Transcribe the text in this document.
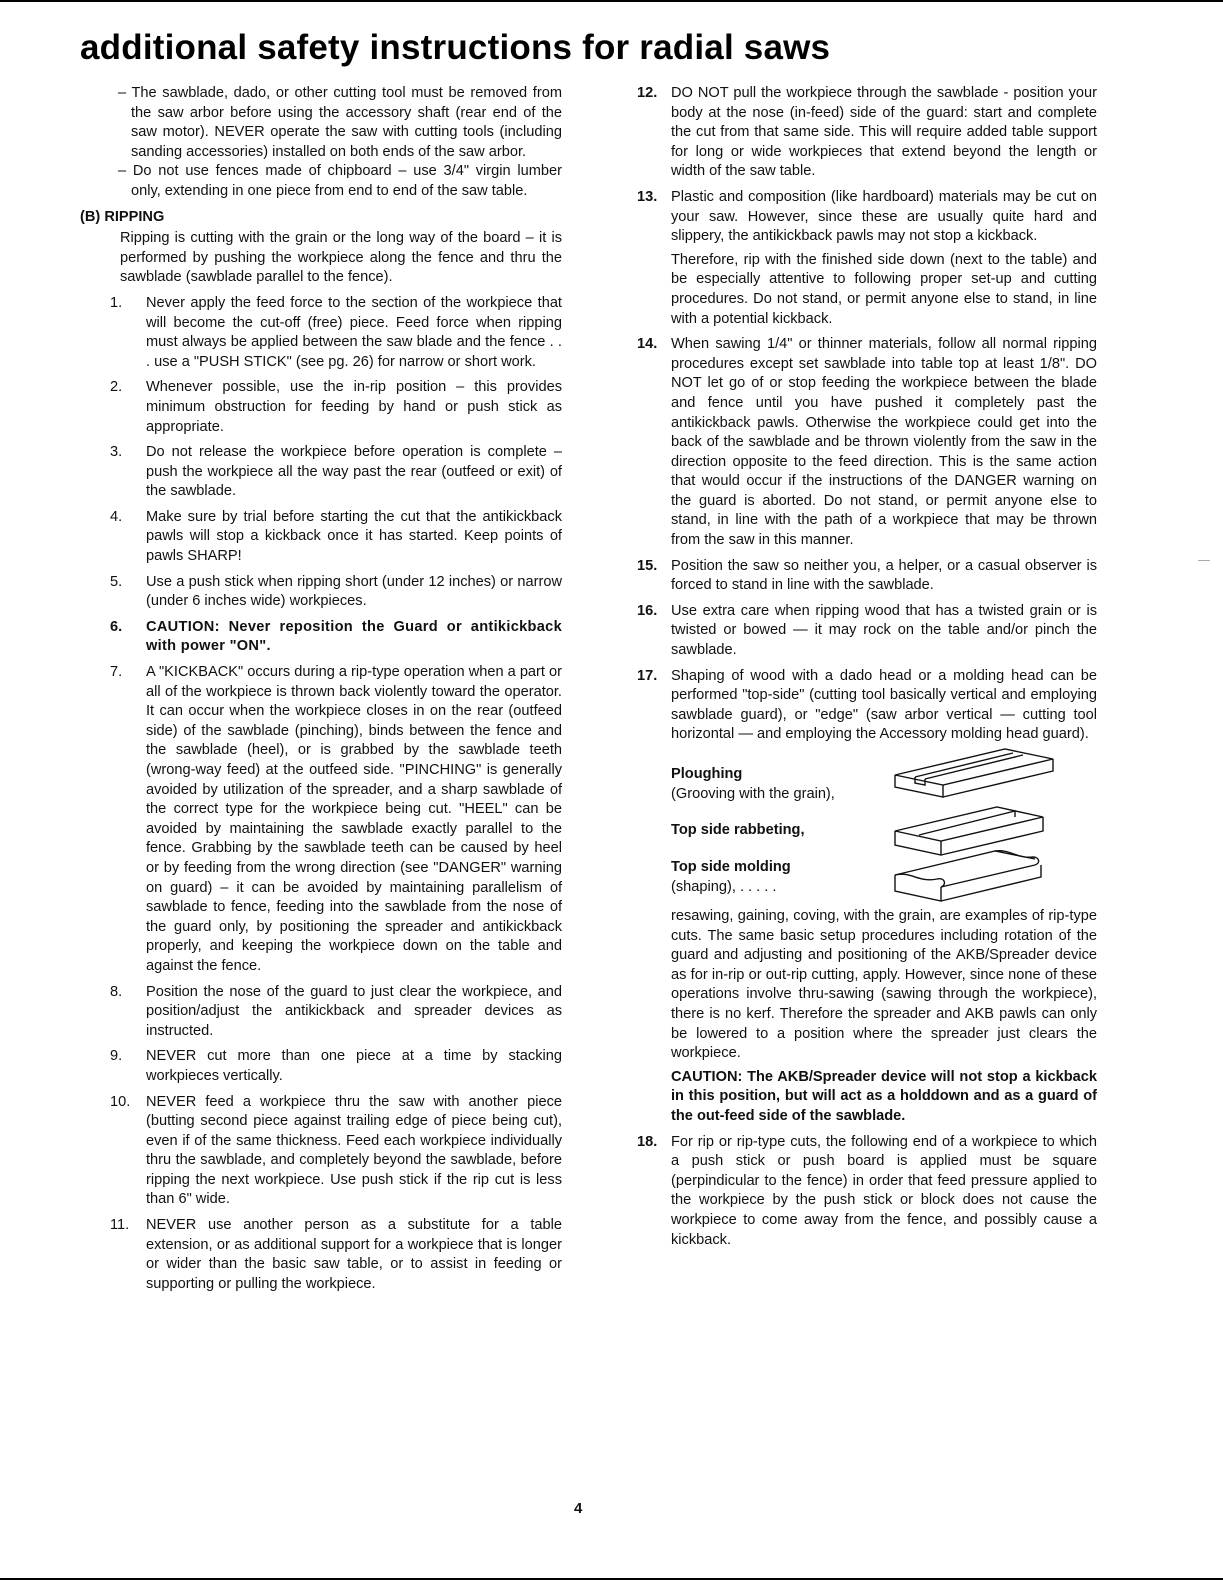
additional safety instructions for radial saws

– The sawblade, dado, or other cutting tool must be removed from the saw arbor before using the accessory shaft (rear end of the saw motor). NEVER operate the saw with cutting tools (including sanding accessories) installed on both ends of the saw arbor.

– Do not use fences made of chipboard – use 3/4" virgin lumber only, extending in one piece from end to end of the saw table.

(B) RIPPING

Ripping is cutting with the grain or the long way of the board – it is performed by pushing the workpiece along the fence and thru the sawblade (sawblade parallel to the fence).

1.	Never apply the feed force to the section of the workpiece that will become the cut-off (free) piece. Feed force when ripping must always be applied between the saw blade and the fence . . . use a "PUSH STICK" (see pg. 26) for narrow or short work.

2.	Whenever possible, use the in-rip position – this provides minimum obstruction for feeding by hand or push stick as appropriate.

3.	Do not release the workpiece before operation is complete – push the workpiece all the way past the rear (outfeed or exit) of the sawblade.

4.	Make sure by trial before starting the cut that the antikickback pawls will stop a kickback once it has started. Keep points of pawls SHARP!

5.	Use a push stick when ripping short (under 12 inches) or narrow (under 6 inches wide) workpieces.

6.	CAUTION: Never reposition the Guard or antikickback with power "ON".

7.	A "KICKBACK" occurs during a rip-type operation when a part or all of the workpiece is thrown back violently toward the operator. It can occur when the workpiece closes in on the rear (outfeed side) of the sawblade (pinching), binds between the fence and the sawblade (heel), or is grabbed by the sawblade teeth (wrong-way feed) at the outfeed side. "PINCHING" is generally avoided by utilization of the spreader, and a sharp sawblade of the correct type for the workpiece being cut. "HEEL" can be avoided by maintaining the sawblade exactly parallel to the fence. Grabbing by the sawblade teeth can be caused by heel or by feeding from the wrong direction (see "DANGER" warning on guard) – it can be avoided by maintaining parallelism of sawblade to fence, feeding into the sawblade from the nose of the guard only, by positioning the spreader and antikickback properly, and keeping the workpiece down on the table and against the fence.

8.	Position the nose of the guard to just clear the workpiece, and position/adjust the antikickback and spreader devices as instructed.

9.	NEVER cut more than one piece at a time by stacking workpieces vertically.

10.	NEVER feed a workpiece thru the saw with another piece (butting second piece against trailing edge of piece being cut), even if of the same thickness. Feed each workpiece individually thru the sawblade, and completely beyond the sawblade, before ripping the next workpiece. Use push stick if the rip cut is less than 6" wide.

11.	NEVER use another person as a substitute for a table extension, or as additional support for a workpiece that is longer or wider than the basic saw table, or to assist in feeding or supporting or pulling the workpiece.

12. DO NOT pull the workpiece through the sawblade - position your body at the nose (in-feed) side of the guard: start and complete the cut from that same side. This will require added table support for long or wide workpieces that extend beyond the length or width of the saw table.

13. Plastic and composition (like hardboard) materials may be cut on your saw. However, since these are usually quite hard and slippery, the antikickback pawls may not stop a kickback.

Therefore, rip with the finished side down (next to the table) and be especially attentive to following proper set-up and cutting procedures. Do not stand, or permit anyone else to stand, in line with a potential kickback.

14. When sawing 1/4" or thinner materials, follow all normal ripping procedures except set sawblade into table top at least 1/8". DO NOT let go of or stop feeding the workpiece between the blade and fence until you have pushed it completely past the antikickback pawls. Otherwise the workpiece could get into the back of the sawblade and be thrown violently from the saw in the direction opposite to the feed direction. This is the same action that would occur if the instructions of the DANGER warning on the guard is aborted. Do not stand, or permit anyone else to stand, in line with the path of a workpiece that may be thrown from the saw in this manner.

15. Position the saw so neither you, a helper, or a casual observer is forced to stand in line with the sawblade.

16. Use extra care when ripping wood that has a twisted grain or is twisted or bowed — it may rock on the table and/or pinch the sawblade.

17. Shaping of wood with a dado head or a molding head can be performed "top-side" (cutting tool basically vertical and employing sawblade guard), or "edge" (saw arbor vertical — cutting tool horizontal — and employing the Accessory molding head guard).

Ploughing
(Grooving with the grain),
Top side rabbeting,
Top side molding
(shaping), . . . . .

resawing, gaining, coving, with the grain, are examples of rip-type cuts. The same basic setup procedures including rotation of the guard and adjusting and positioning of the AKB/Spreader device as for in-rip or out-rip cutting, apply. However, since none of these operations involve thru-sawing (sawing through the workpiece), there is no kerf. Therefore the spreader and AKB pawls can only be lowered to a position where the spreader just clears the workpiece.

CAUTION: The AKB/Spreader device will not stop a kickback in this position, but will act as a holddown and as a guard of the out-feed side of the sawblade.

18. For rip or rip-type cuts, the following end of a workpiece to which a push stick or push board is applied must be square (perpindicular to the fence) in order that feed pressure applied to the workpiece by the push stick or block does not cause the workpiece to come away from the fence, and possibly cause a kickback.

4
